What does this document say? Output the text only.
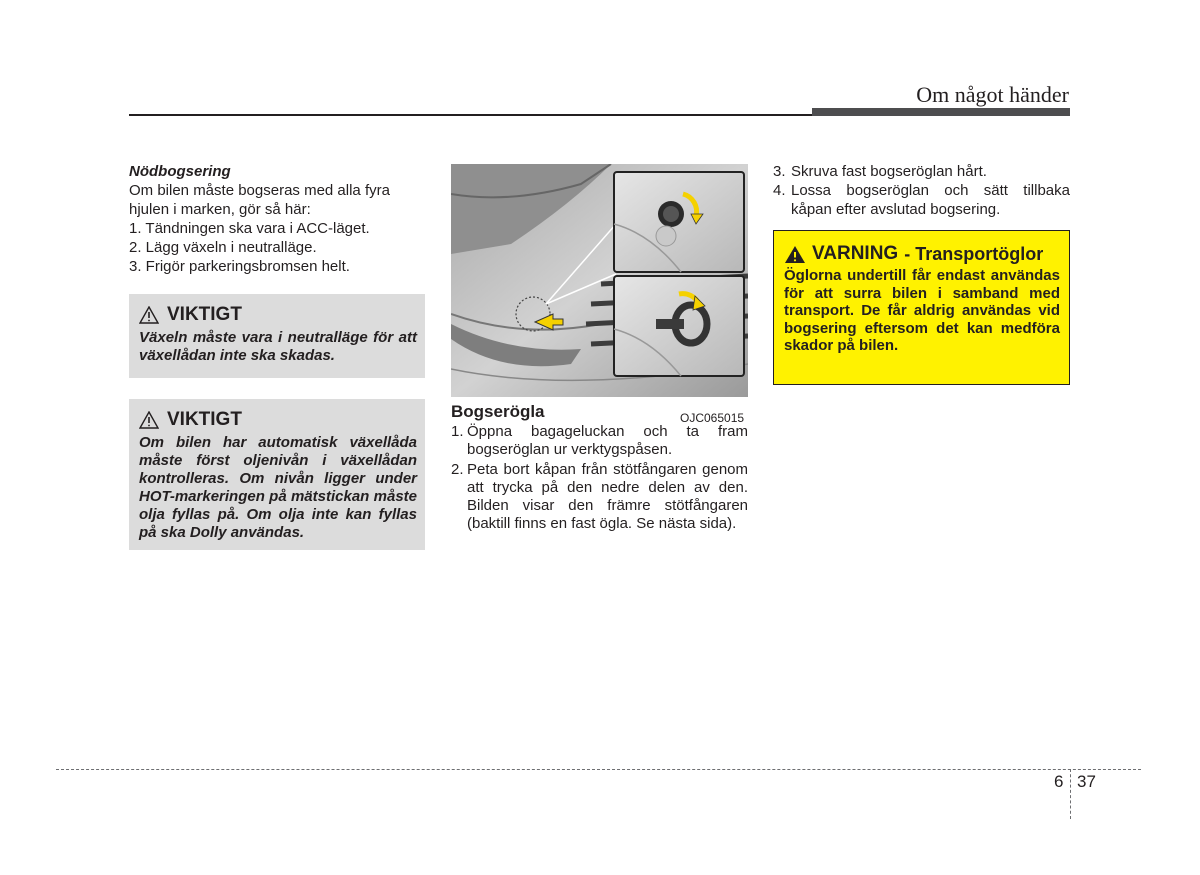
Om något händer

Nödbogsering

Om bilen måste bogseras med alla fyra hjulen i marken, gör så här:

1. Tändningen ska vara i ACC-läget.

2. Lägg växeln i neutralläge.

3. Frigör parkeringsbromsen helt.

VIKTIGT
Växeln måste vara i neutralläge för att växellådan inte ska skadas.
VIKTIGT
Om bilen har automatisk växellåda måste först oljenivån i växellådan kontrolleras. Om nivån ligger under HOT-markeringen på mätstickan måste olja fyllas på. Om olja inte kan fyllas på ska Dolly användas.
OJC065015
Bogserögla
1. Öppna bagageluckan och ta fram bogseröglan ur verktygspåsen.
2. Peta bort kåpan från stötfångaren genom att trycka på den nedre delen av den. Bilden visar den främre stötfångaren (baktill finns en fast ögla. Se nästa sida).
3. Skruva fast bogseröglan hårt.
4. Lossa bogseröglan och sätt tillbaka kåpan efter avslutad bogsering.
VARNING - Transportöglor
Öglorna undertill får endast användas för att surra bilen i samband med transport. De får aldrig användas vid bogsering eftersom det kan medföra skador på bilen.
6 37
